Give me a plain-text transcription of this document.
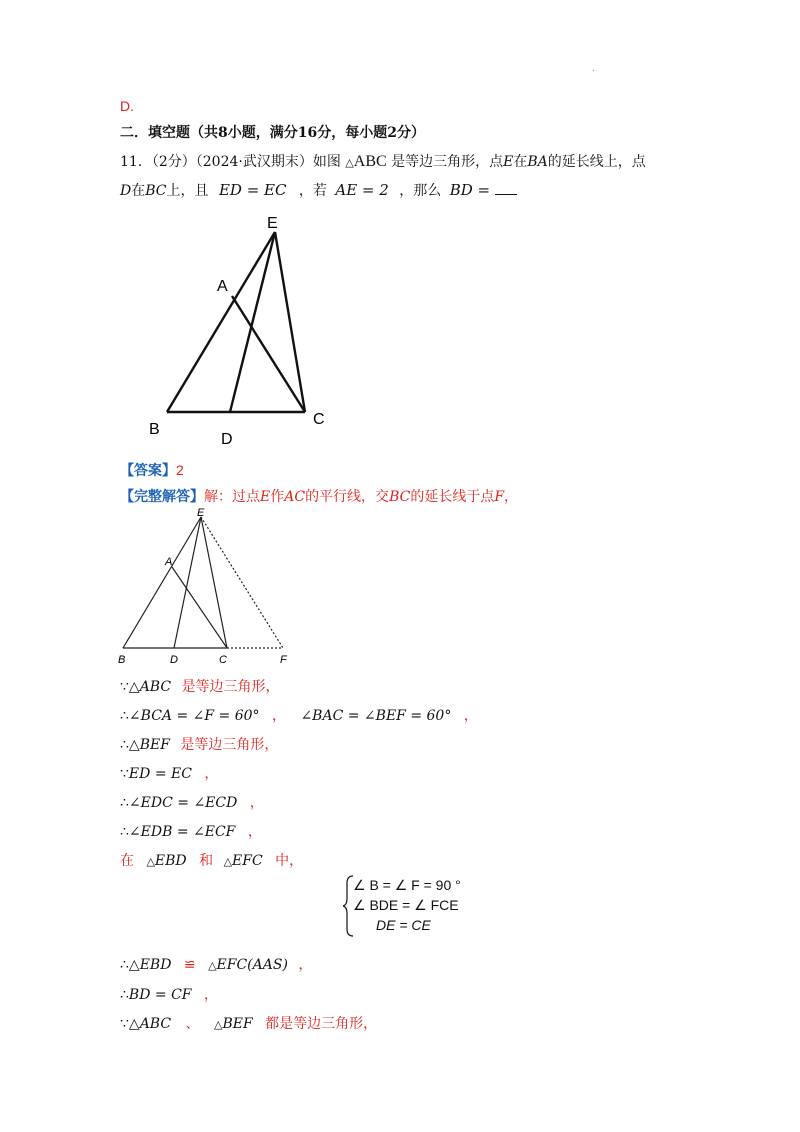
·
D.
二．填空题（共8小题，满分16分，每小题2分）
11．（2分）（2024·武汉期末）如图 △ABC 是等边三角形，点E在BA的延长线上，点
D在BC上，且 ED = EC ，若 AE = 2 ，那么 BD =
E
A
B
C
D
【答案】2
【完整解答】解：过点E作AC的平行线，交BC的延长线于点F，
E
A
B	D	C	F
∵△ABC 是等边三角形，
∴∠BCA = ∠F = 60° ， ∠BAC = ∠BEF = 60° ，
∴△BEF 是等边三角形，
∵ED = EC ，
∴∠EDC = ∠ECD ，
∴∠EDB = ∠ECF ，
在 △EBD 和 △EFC 中，
∠ B = ∠ F = 90 °
∠ BDE = ∠ FCE
DE = CE
∴△EBD ≌ △EFC(AAS) ，
∴BD = CF ，
∵△ABC 、 △BEF 都是等边三角形，
